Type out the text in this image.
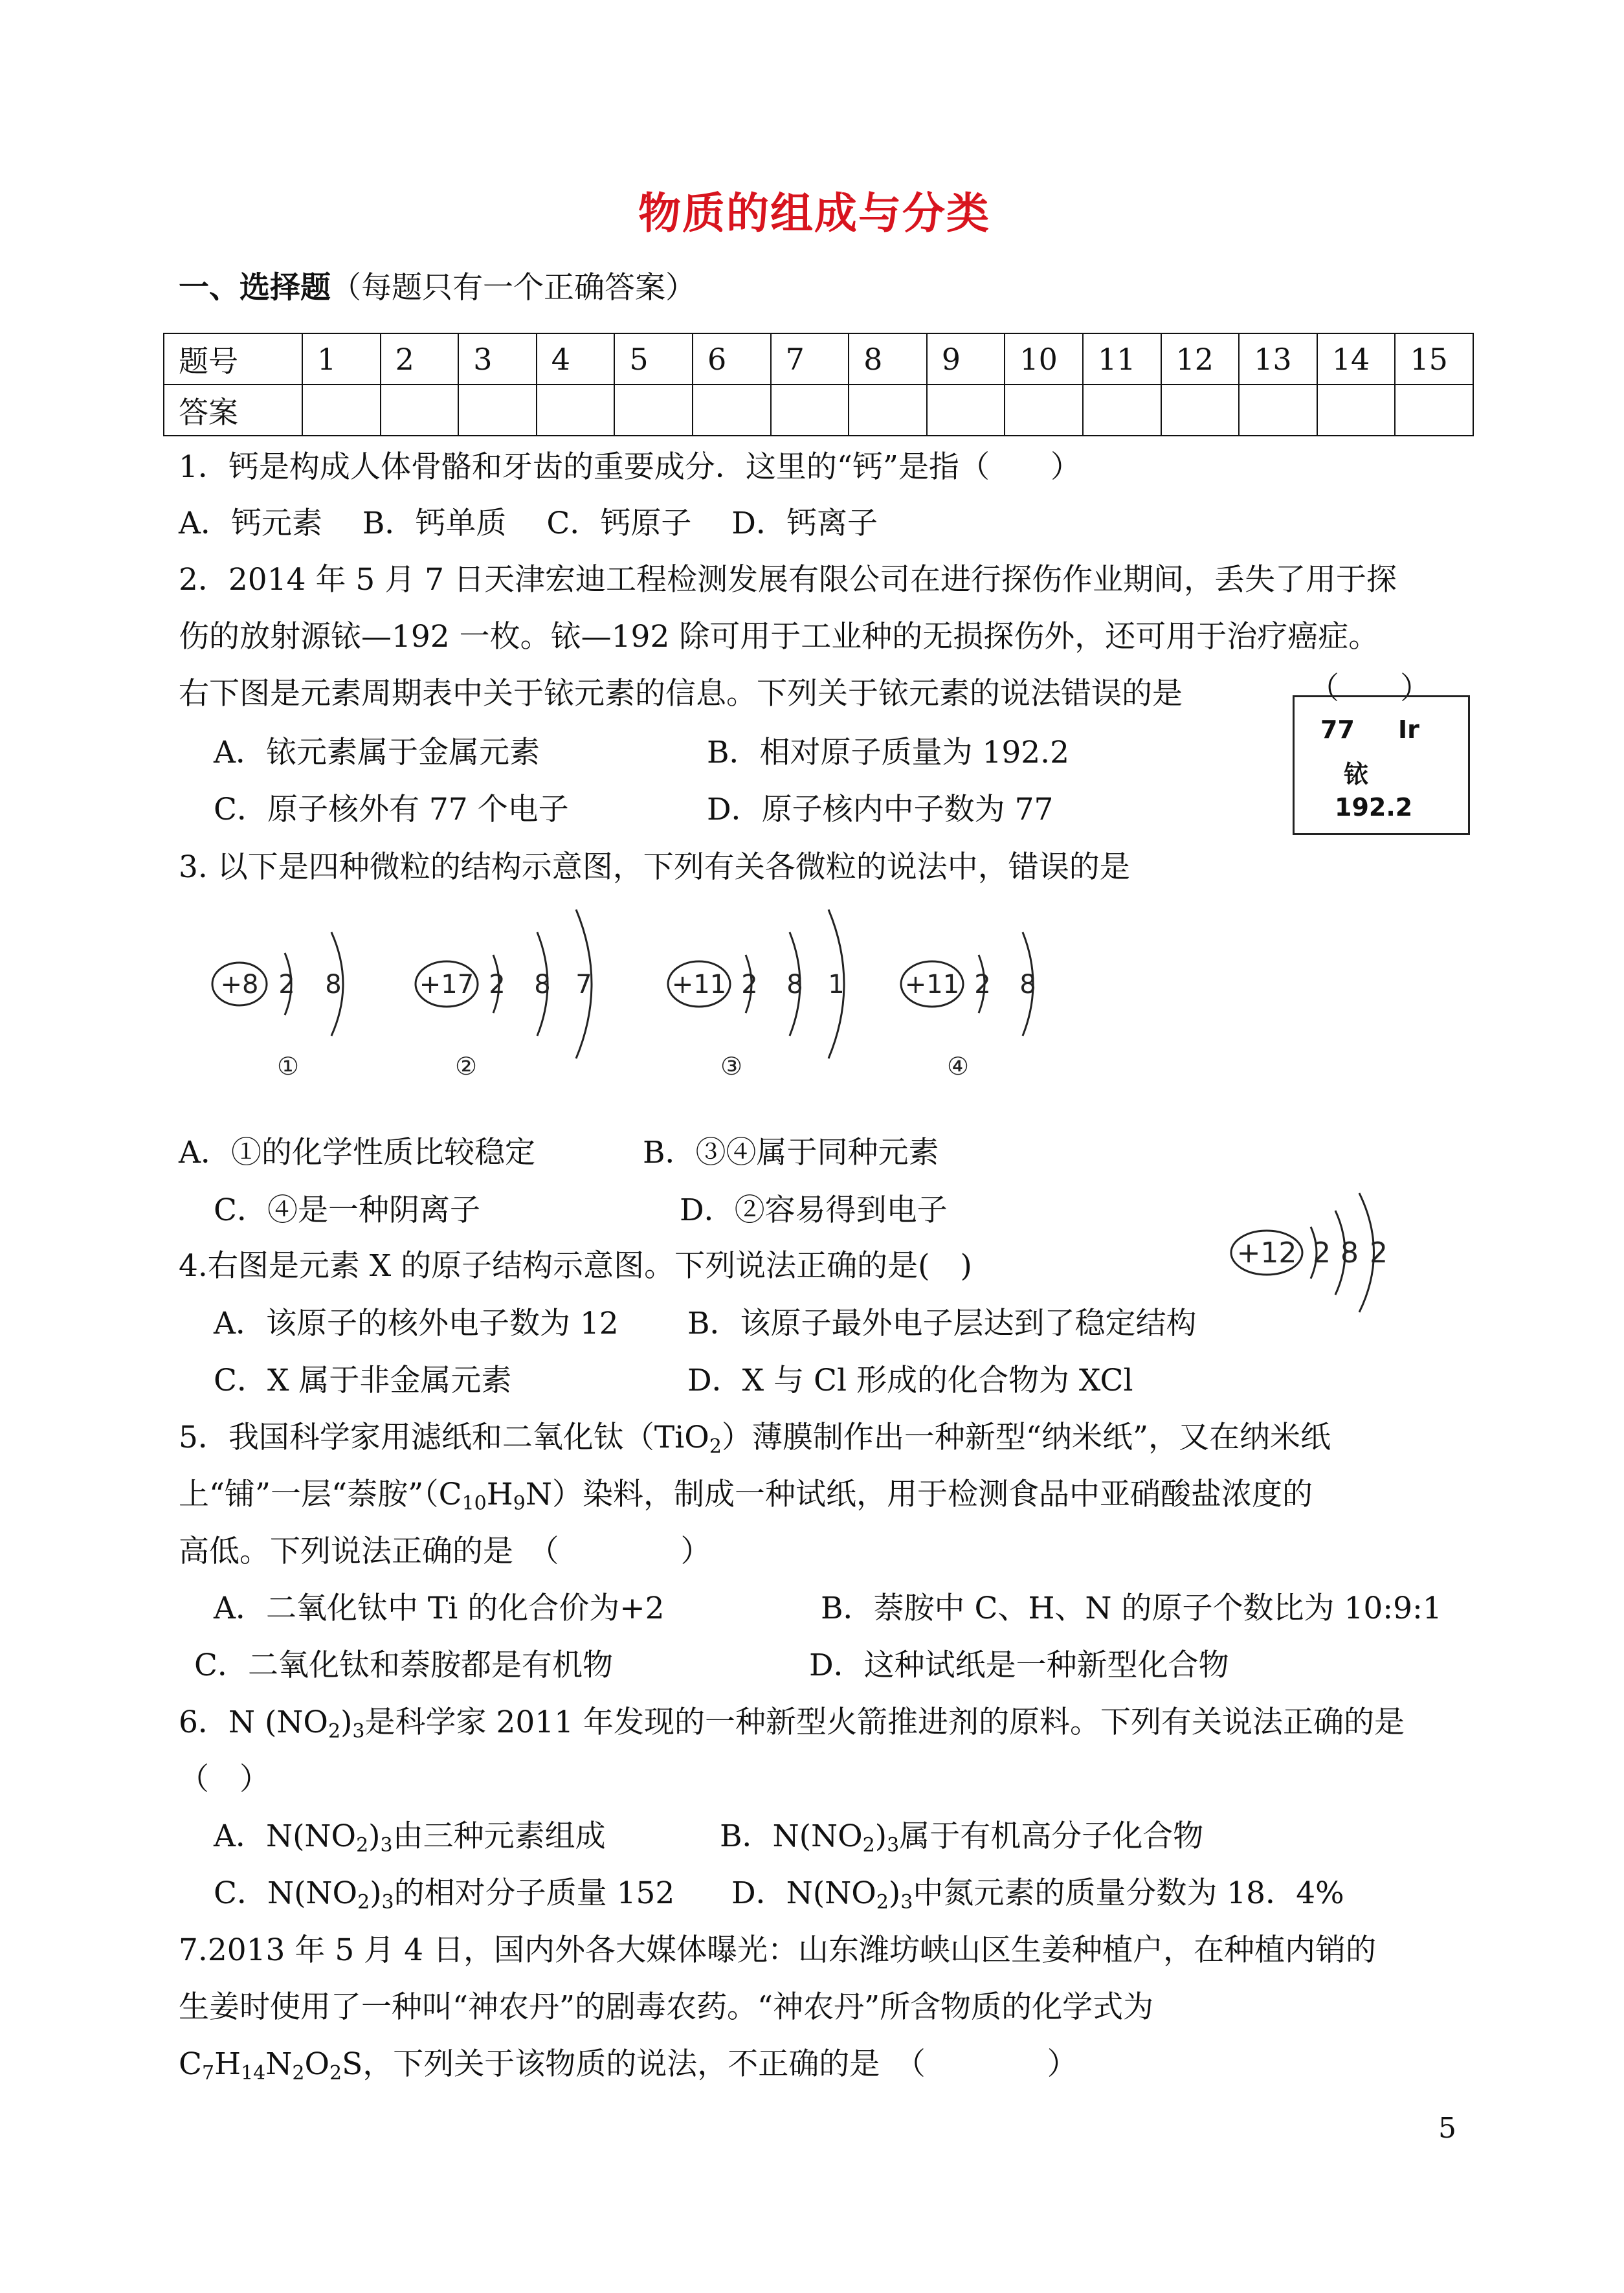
物质的组成与分类
一、选择题（每题只有一个正确答案）
题号	1	2	3	4	5	6	7	8	9	10	11	12	13	14	15
答案															
1．钙是构成人体骨骼和牙齿的重要成分．这里的“钙”是指（　　）
A．钙元素　 B．钙单质　 C．钙原子　 D．钙离子
2．2014 年 5 月 7 日天津宏迪工程检测发展有限公司在进行探伤作业期间，丢失了用于探
伤的放射源铱—192 一枚。铱—192 除可用于工业种的无损探伤外，还可用于治疗癌症。
右下图是元素周期表中关于铱元素的信息。下列关于铱元素的说法错误的是	（　　）
A．铱元素属于金属元素	B．相对原子质量为 192.2
C．原子核外有 77 个电子	D．原子核内中子数为 77
77 Ir
铱
192.2
3. 以下是四种微粒的结构示意图，下列有关各微粒的说法中，错误的是
+8 2 8
①
+17 2 8 7
②
+11 2 8 1
③
+11 2 8
④
A．①的化学性质比较稳定	B．③④属于同种元素
C．④是一种阴离子	D．②容易得到电子
4.右图是元素 X 的原子结构示意图。下列说法正确的是(　)	+12 2 8 2
A．该原子的核外电子数为 12 B．该原子最外电子层达到了稳定结构
C．X 属于非金属元素	D．X 与 Cl 形成的化合物为 XCl
5．我国科学家用滤纸和二氧化钛（TiO$_2$）薄膜制作出一种新型“纳米纸”，又在纳米纸
上“铺”一层“萘胺$”(C_{10}H_9N)$染料，制成一种试纸，用于检测食品中亚硝酸盐浓度的
高低。下列说法正确的是　（　　　　）
A．二氧化钛中 Ti 的化合价为+2	B．萘胺中 C、H、N 的原子个数比为 10:9:1
C．二氧化钛和萘胺都是有机物	D．这种试纸是一种新型化合物
6．N $(NO_2)_3$是科学家 2011 年发现的一种新型火箭推进剂的原料。下列有关说法正确的是
（　）
A．$N(NO_2)_3$由三种元素组成	B．$N(NO_2)_3$属于有机高分子化合物
C．$N(NO_2)_3$的相对分子质量 152 D．$N(NO_2)_3$中氮元素的质量分数为 18．4%
7.2013 年 5 月 4 日，国内外各大媒体曝光：山东潍坊峡山区生姜种植户，在种植内销的
生姜时使用了一种叫“神农丹”的剧毒农药。“神农丹”所含物质的化学式为
$C_7H_{14}N_2O_2S$，下列关于该物质的说法，不正确的是　（　　　　）
5
